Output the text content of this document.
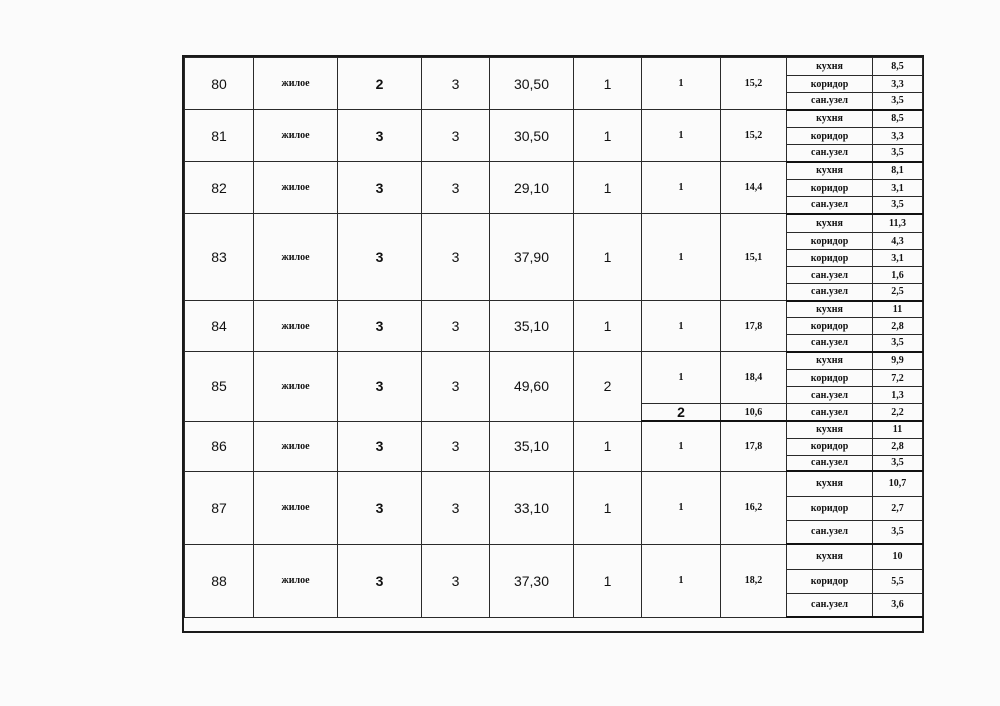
80	жилое	2	3	30,50	1	1	15,2	кухня	8,5
								коридор	3,3
								сан.узел	3,5
81	жилое	3	3	30,50	1	1	15,2	кухня	8,5
								коридор	3,3
								сан.узел	3,5
82	жилое	3	3	29,10	1	1	14,4	кухня	8,1
								коридор	3,1
								сан.узел	3,5
83	жилое	3	3	37,90	1	1	15,1	кухня	11,3
								коридор	4,3
								коридор	3,1
								сан.узел	1,6
								сан.узел	2,5
84	жилое	3	3	35,10	1	1	17,8	кухня	11
								коридор	2,8
								сан.узел	3,5
85	жилое	3	3	49,60	2	1	18,4	кухня	9,9
								коридор	7,2
								сан.узел	1,3
						2	10,6	сан.узел	2,2
86	жилое	3	3	35,10	1	1	17,8	кухня	11
								коридор	2,8
								сан.узел	3,5
87	жилое	3	3	33,10	1	1	16,2	кухня	10,7
								коридор	2,7
								сан.узел	3,5
88	жилое	3	3	37,30	1	1	18,2	кухня	10
								коридор	5,5
								сан.узел	3,6
